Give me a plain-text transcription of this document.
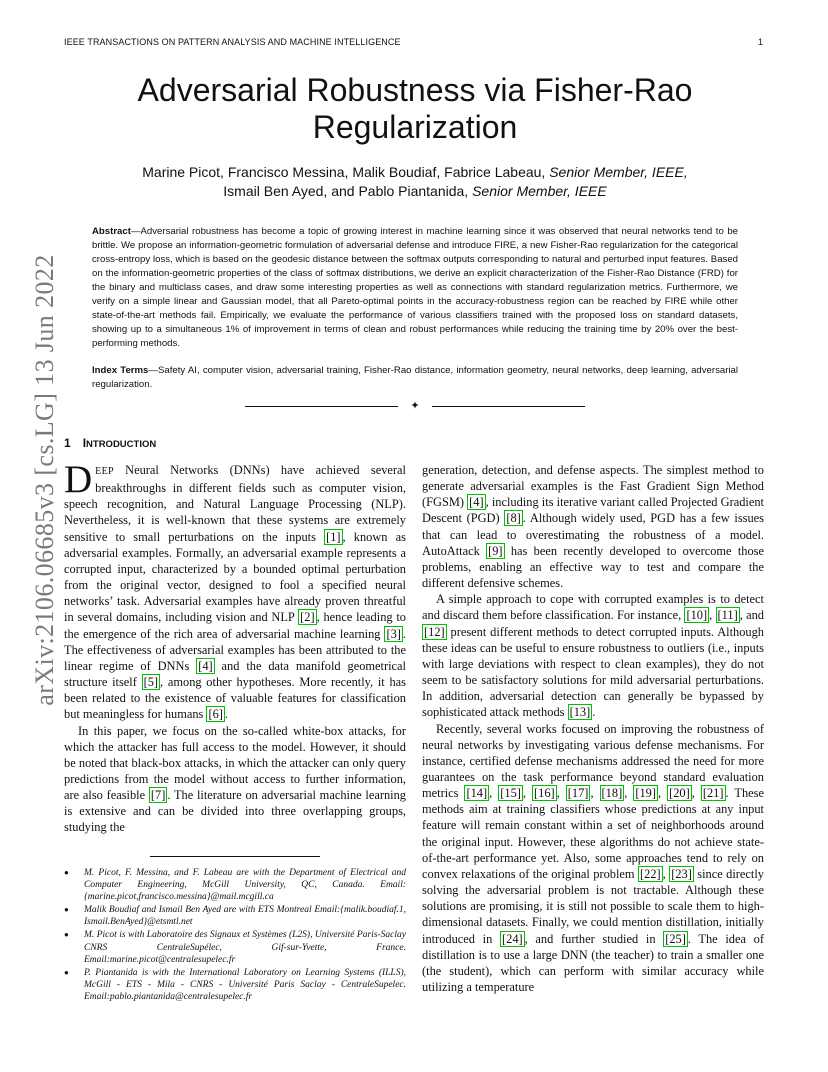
IEEE TRANSACTIONS ON PATTERN ANALYSIS AND MACHINE INTELLIGENCE	1
arXiv:2106.06685v3 [cs.LG] 13 Jun 2022
Adversarial Robustness via Fisher-Rao
Regularization

Marine Picot, Francisco Messina, Malik Boudiaf, Fabrice Labeau, Senior Member, IEEE,

Ismail Ben Ayed, and Pablo Piantanida, Senior Member, IEEE

Abstract—Adversarial robustness has become a topic of growing interest in machine learning since it was observed that neural networks tend to be brittle. We propose an information-geometric formulation of adversarial defense and introduce FIRE, a new Fisher-Rao regularization for the categorical cross-entropy loss, which is based on the geodesic distance between the softmax outputs corresponding to natural and perturbed input features. Based on the information-geometric properties of the class of softmax distributions, we derive an explicit characterization of the Fisher-Rao Distance (FRD) for the binary and multiclass cases, and draw some interesting properties as well as connections with standard regularization metrics. Furthermore, we verify on a simple linear and Gaussian model, that all Pareto-optimal points in the accuracy-robustness region can be reached by FIRE while other state-of-the-art methods fail. Empirically, we evaluate the performance of various classifiers trained with the proposed loss on standard datasets, showing up to a simultaneous 1% of improvement in terms of clean and robust performances while reducing the training time by 20% over the best-performing methods.

Index Terms—Safety AI, computer vision, adversarial training, Fisher-Rao distance, information geometry, neural networks, deep learning, adversarial regularization.

✦
1 INTRODUCTION

DEEP Neural Networks (DNNs) have achieved several breakthroughs in different fields such as computer vision, speech recognition, and Natural Language Processing (NLP). Nevertheless, it is well-known that these systems are extremely sensitive to small perturbations on the inputs [1] , known as adversarial examples. Formally, an adversarial example represents a corrupted input, characterized by a bounded optimal perturbation from the original vector, designed to fool a specified neural networks’ task. Adversarial examples have already proven threatful in several domains, including vision and NLP [2] , hence leading to the emergence of the rich area of adversarial machine learning [3] . The effectiveness of adversarial examples has been attributed to the linear regime of DNNs [4] and the data manifold geometrical structure itself [5] , among other hypotheses. More recently, it has been related to the existence of valuable features for classification but meaningless for humans [6] .

In this paper, we focus on the so-called white-box attacks, for which the attacker has full access to the model. However, it should be noted that black-box attacks, in which the attacker can only query predictions from the model without access to further information, are also feasible [7] . The literature on adversarial machine learning is extensive and can be divided into three overlapping groups, studying the

generation, detection, and defense aspects. The simplest method to generate adversarial examples is the Fast Gradient Sign Method (FGSM) [4] , including its iterative variant called Projected Gradient Descent (PGD) [8] . Although widely used, PGD has a few issues that can lead to overestimating the robustness of a model. AutoAttack [9] has been recently developed to overcome those problems, enabling an effective way to test and compare the different defensive schemes.

A simple approach to cope with corrupted examples is to detect and discard them before classification. For instance, [10] , [11] , and [12] present different methods to detect corrupted inputs. Although these ideas can be useful to ensure robustness to outliers (i.e., inputs with large deviations with respect to clean examples), they do not seem to be satisfactory solutions for mild adversarial perturbations. In addition, adversarial detection can generally be bypassed by sophisticated attack methods [13] .

Recently, several works focused on improving the robustness of neural networks by investigating various defense mechanisms. For instance, certified defense mechanisms addressed the need for more guarantees on the task performance beyond standard evaluation metrics [14] , [15] , [16] , [17] , [18] , [19] , [20] , [21] . These methods aim at training classifiers whose predictions at any input feature will remain constant within a set of neighborhoods around the original input. However, these algorithms do not achieve state-of-the-art performance yet. Also, some approaches tend to rely on convex relaxations of the original problem [22] , [23] since directly solving the adversarial problem is not tractable. Although these solutions are promising, it is still not possible to scale them to high-dimensional datasets. Finally, we could mention distillation, initially introduced in [24] , and further studied in [25] . The idea of distillation is to use a large DNN (the teacher) to train a smaller one (the student), which can perform with similar accuracy while utilizing a temperature

● M. Picot, F. Messina, and F. Labeau are with the Department of Electrical and Computer Engineering, McGill University, QC, Canada. Email:{marine.picot,francisco.messina}@mail.mcgill.ca
● Malik Boudiaf and Ismail Ben Ayed are with ETS Montreal Email:{malik.boudiaf.1, Ismail.BenAyed}@etsmtl.net
● M. Picot is with Laboratoire des Signaux et Systèmes (L2S), Université Paris-Saclay CNRS CentraleSupélec, Gif-sur-Yvette, France. Email:marine.picot@centralesupelec.fr
● P. Piantanida is with the International Laboratory on Learning Systems (ILLS), McGill - ETS - Mila - CNRS - Université Paris Saclay - CentraleSupelec. Email:pablo.piantanida@centralesupelec.fr
